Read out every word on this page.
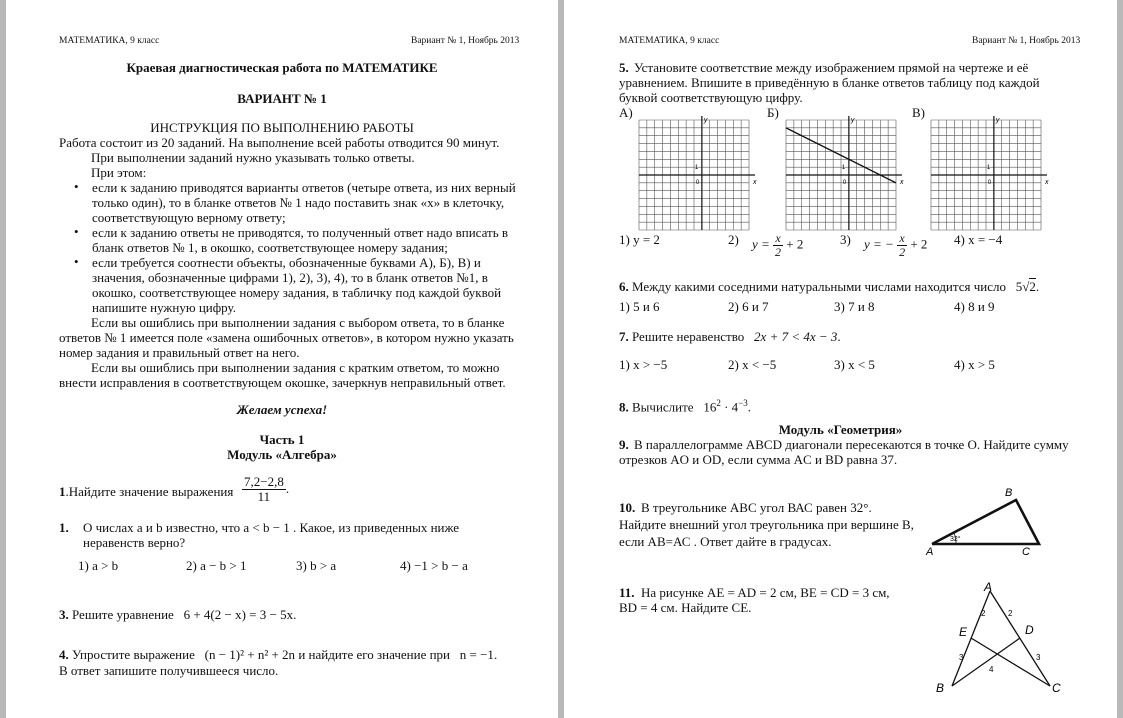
МАТЕМАТИКА, 9 класс	Вариант № 1, Ноябрь 2013
Краевая диагностическая работа по МАТЕМАТИКЕ
ВАРИАНТ № 1
ИНСТРУКЦИЯ ПО ВЫПОЛНЕНИЮ РАБОТЫ
Работа состоит из 20 заданий. На выполнение всей работы отводится 90 минут.
При выполнении заданий нужно указывать только ответы.
При этом:
• если к заданию приводятся варианты ответов (четыре ответа, из них верный
только один), то в бланке ответов № 1 надо поставить знак «х» в клеточку,
соответствующую верному ответу;
• если к заданию ответы не приводятся, то полученный ответ надо вписать в
бланк ответов № 1, в окошко, соответствующее номеру задания;
• если требуется соотнести объекты, обозначенные буквами А), Б), В) и
значения, обозначенные цифрами 1), 2), 3), 4), то в бланк ответов №1, в
окошко, соответствующее номеру задания, в табличку под каждой буквой
напишите нужную цифру.
Если вы ошиблись при выполнении задания с выбором ответа, то в бланке
ответов № 1 имеется поле «замена ошибочных ответов», в котором нужно указать
номер задания и правильный ответ на него.
Если вы ошиблись при выполнении задания с кратким ответом, то можно
внести исправления в соответствующем окошке, зачеркнув неправильный ответ.
Желаем успеха!
Часть 1
Модуль «Алгебра»
1.Найдите значение выражения $\frac{7,2-2,8}{11}$ .
1. О числах a и b известно, что a < b − 1 . Какое, из приведенных ниже
неравенств верно?
1) a > b	2) a − b > 1	3) b > a	4) −1 > b − a
3. Решите уравнение 6 + 4(2 − x) = 3 − 5x.
4. Упростите выражение (n − 1)² + n² + 2n и найдите его значение при n = −1.
В ответ запишите получившееся число.
МАТЕМАТИКА, 9 класс	Вариант № 1, Ноябрь 2013
5. Установите соответствие между изображением прямой на чертеже и её
уравнением. Впишите в приведённую в бланке ответов таблицу под каждой
буквой соответствующую цифру.
А)	Б)	В)
x
y
0
1
x
y
0
1
x
y
0
1
1) y = 2	2) $y = \frac{x}{2} + 2$	3) y = − $\frac{x}{2} + 2$ 4) x = −4
6. Между какими соседними натуральными числами находится число 5√2.
1) 5 и 6	2) 6 и 7	3) 7 и 8	4) 8 и 9
7. Решите неравенство 2x + 7 < 4x − 3.
1) x > −5	2) x < −5	3) x < 5	4) x > 5
8. Вычислите $16^2 \cdot 4^{-3}$.
Модуль «Геометрия»
9. В параллелограмме ABCD диагонали пересекаются в точке O. Найдите сумму
отрезков AO и OD, если сумма AC и BD равна 37.
10. В треугольнике АВС угол ВАС равен 32°.
Найдите внешний угол треугольника при вершине В,
если АВ=АС . Ответ дайте в градусах.
B
A	C
32°
11. На рисунке AE = AD = 2 см, BE = CD = 3 см,
BD = 4 см. Найдите CE.
A
E	D
B	C
2	2
3	3
4
